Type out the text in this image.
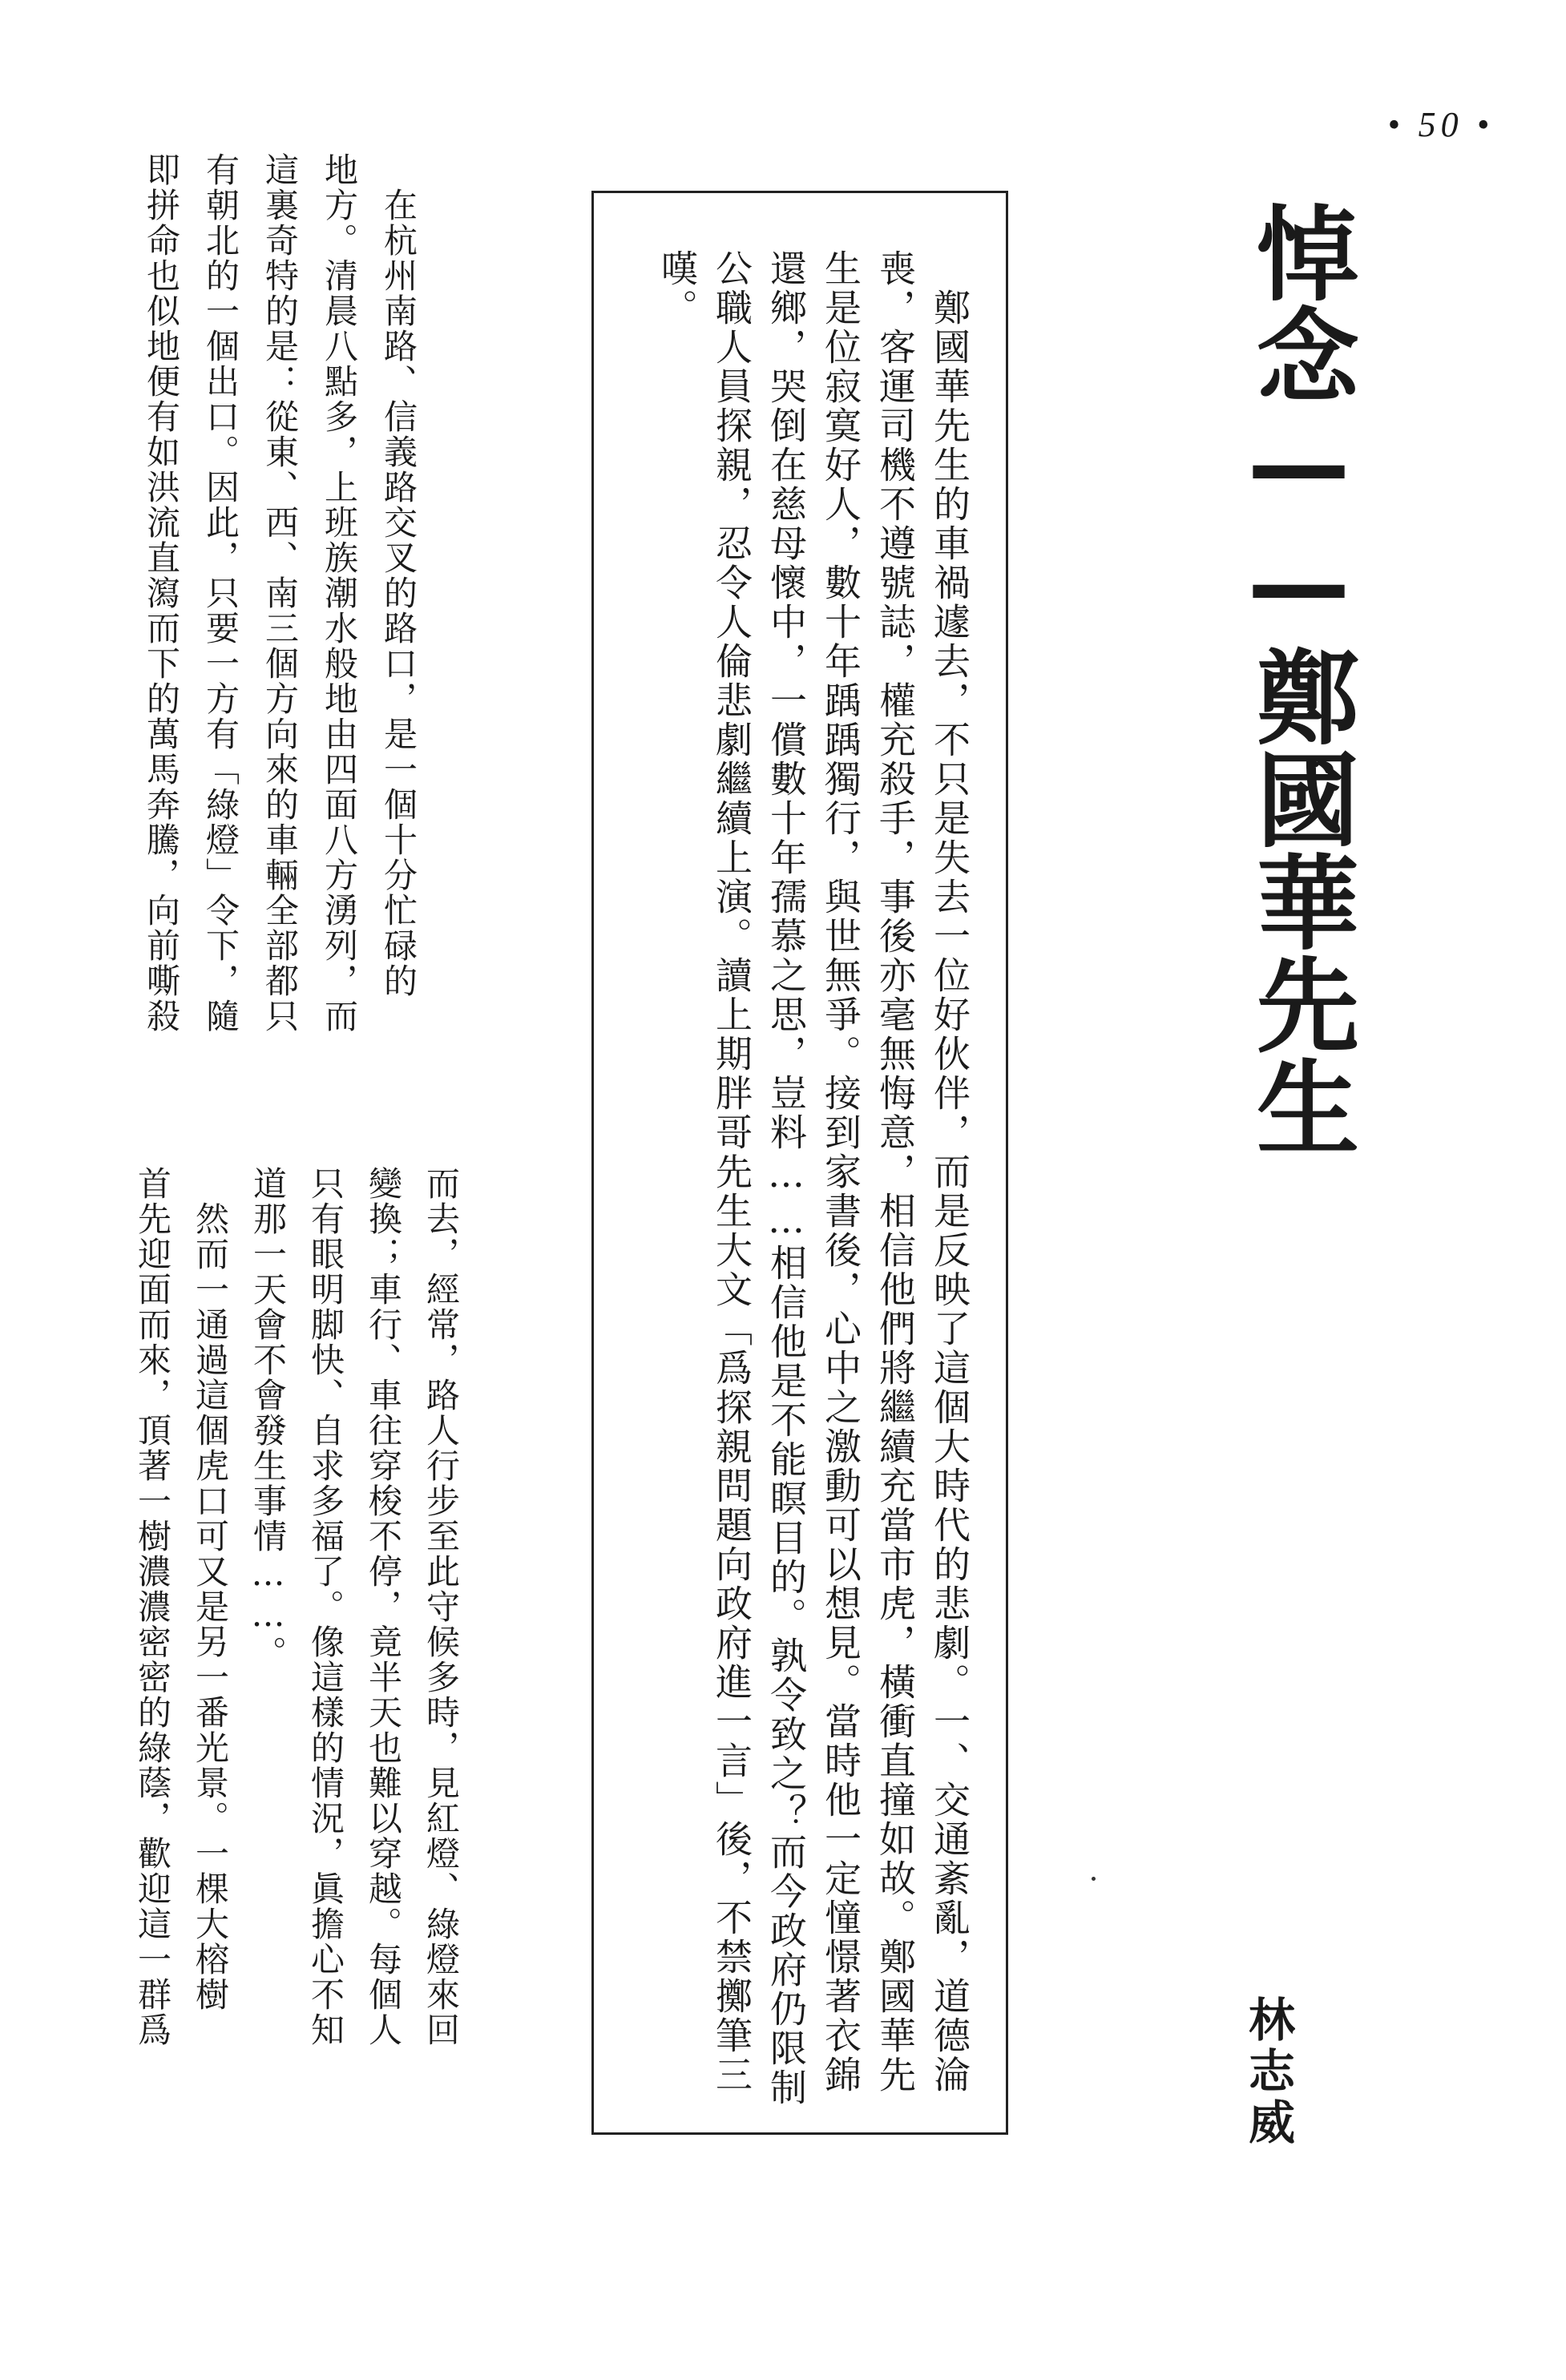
• 50 •
悼念——鄭國華先生
林志威
　鄭國華先生的車禍遽去，不只是失去一位好伙伴，而是反映了這個大時代的悲劇。一、交通紊亂，道德淪
喪，客運司機不遵號誌，權充殺手，事後亦毫無悔意，相信他們將繼續充當市虎，橫衝直撞如故。鄭國華先
生是位寂寞好人，數十年踽踽獨行，與世無爭。接到家書後，心中之激動可以想見。當時他一定憧憬著衣錦
還鄉，哭倒在慈母懷中，一償數十年孺慕之思，豈料……相信他是不能瞑目的。孰令致之？而今政府仍限制
公職人員探親，忍令人倫悲劇繼續上演。讀上期胖哥先生大文「爲探親問題向政府進一言」後，不禁擲筆三
嘆。
　在杭州南路、信義路交叉的路口，是一個十分忙碌的
地方。清晨八點多，上班族潮水般地由四面八方湧列，而
這裏奇特的是：從東、西、南三個方向來的車輛全部都只
有朝北的一個出口。因此，只要一方有「綠燈」令下，隨
即拼命也似地便有如洪流直瀉而下的萬馬奔騰，向前嘶殺
而去，經常，路人行步至此守候多時，見紅燈、綠燈來回
變換；車行、車往穿梭不停，竟半天也難以穿越。每個人
只有眼明脚快、自求多福了。像這樣的情況，眞擔心不知
道那一天會不會發生事情……。
　然而一通過這個虎口可又是另一番光景。一棵大榕樹
首先迎面而來，頂著一樹濃濃密密的綠蔭，歡迎這一群爲
